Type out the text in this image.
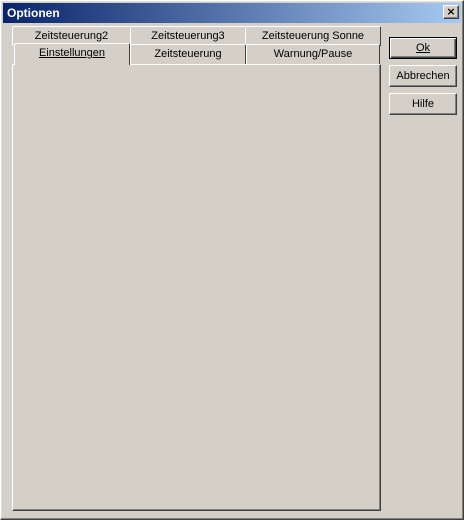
Optionen	×
Zeitsteuerung2	Zeitsteuerung3	Zeitsteuerung Sonne
Einstellungen	Zeitsteuerung	Warnung/Pause	Ok
Abbrechen
Hilfe
